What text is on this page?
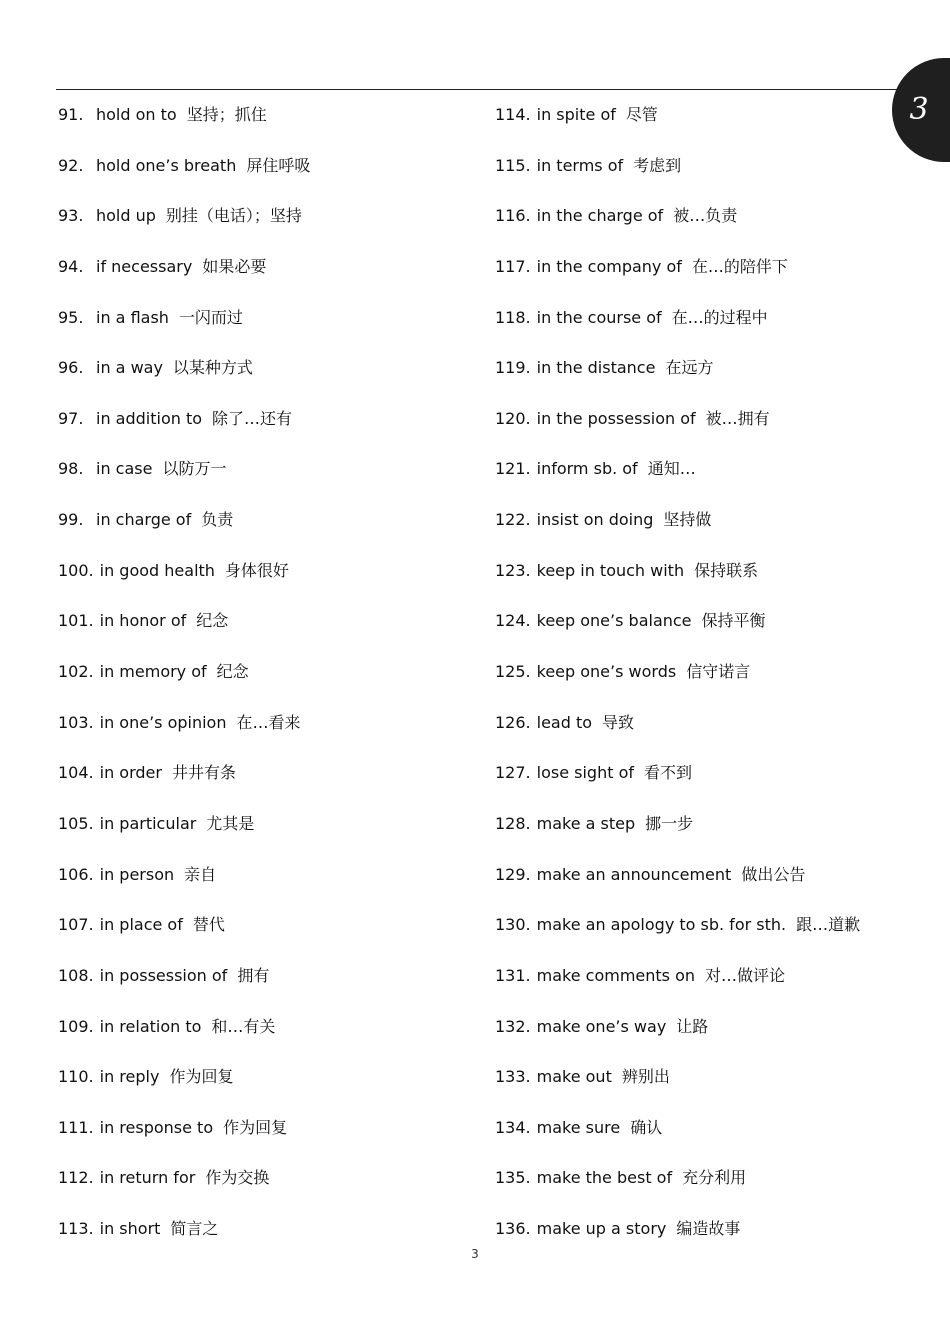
3
91. hold on to 坚持；抓住
92. hold one’s breath 屏住呼吸
93. hold up 别挂（电话）；坚持
94. if necessary 如果必要
95. in a flash 一闪而过
96. in a way 以某种方式
97. in addition to 除了…还有
98. in case 以防万一
99. in charge of 负责
100. in good health 身体很好
101. in honor of 纪念
102. in memory of 纪念
103. in one’s opinion 在…看来
104. in order 井井有条
105. in particular 尤其是
106. in person 亲自
107. in place of 替代
108. in possession of 拥有
109. in relation to 和…有关
110. in reply 作为回复
111. in response to 作为回复
112. in return for 作为交换
113. in short 简言之
114. in spite of 尽管
115. in terms of 考虑到
116. in the charge of 被…负责
117. in the company of 在…的陪伴下
118. in the course of 在…的过程中
119. in the distance 在远方
120. in the possession of 被…拥有
121. inform sb. of 通知…
122. insist on doing 坚持做
123. keep in touch with 保持联系
124. keep one’s balance 保持平衡
125. keep one’s words 信守诺言
126. lead to 导致
127. lose sight of 看不到
128. make a step 挪一步
129. make an announcement 做出公告
130. make an apology to sb. for sth. 跟…道歉
131. make comments on 对…做评论
132. make one’s way 让路
133. make out 辨别出
134. make sure 确认
135. make the best of 充分利用
136. make up a story 编造故事
3
